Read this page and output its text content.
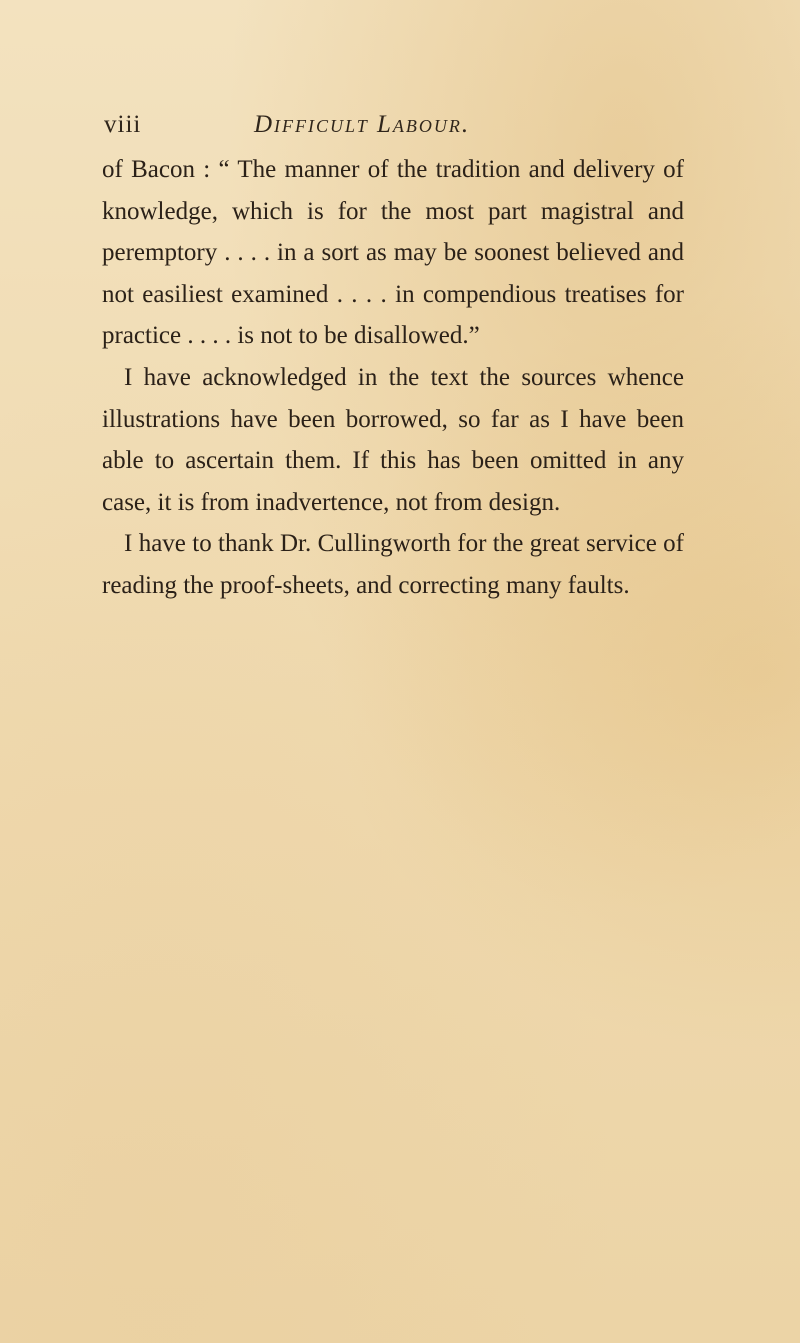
viii	Difficult Labour.

of Bacon : “ The manner of the tradition and delivery of knowledge, which is for the most part magistral and peremptory . . . . in a sort as may be soonest believed and not easiliest examined . . . . in compendious treatises for practice . . . . is not to be disallowed.”

I have acknowledged in the text the sources whence illustrations have been borrowed, so far as I have been able to ascertain them. If this has been omitted in any case, it is from inadvertence, not from design.

I have to thank Dr. Cullingworth for the great service of reading the proof-sheets, and correcting many faults.
